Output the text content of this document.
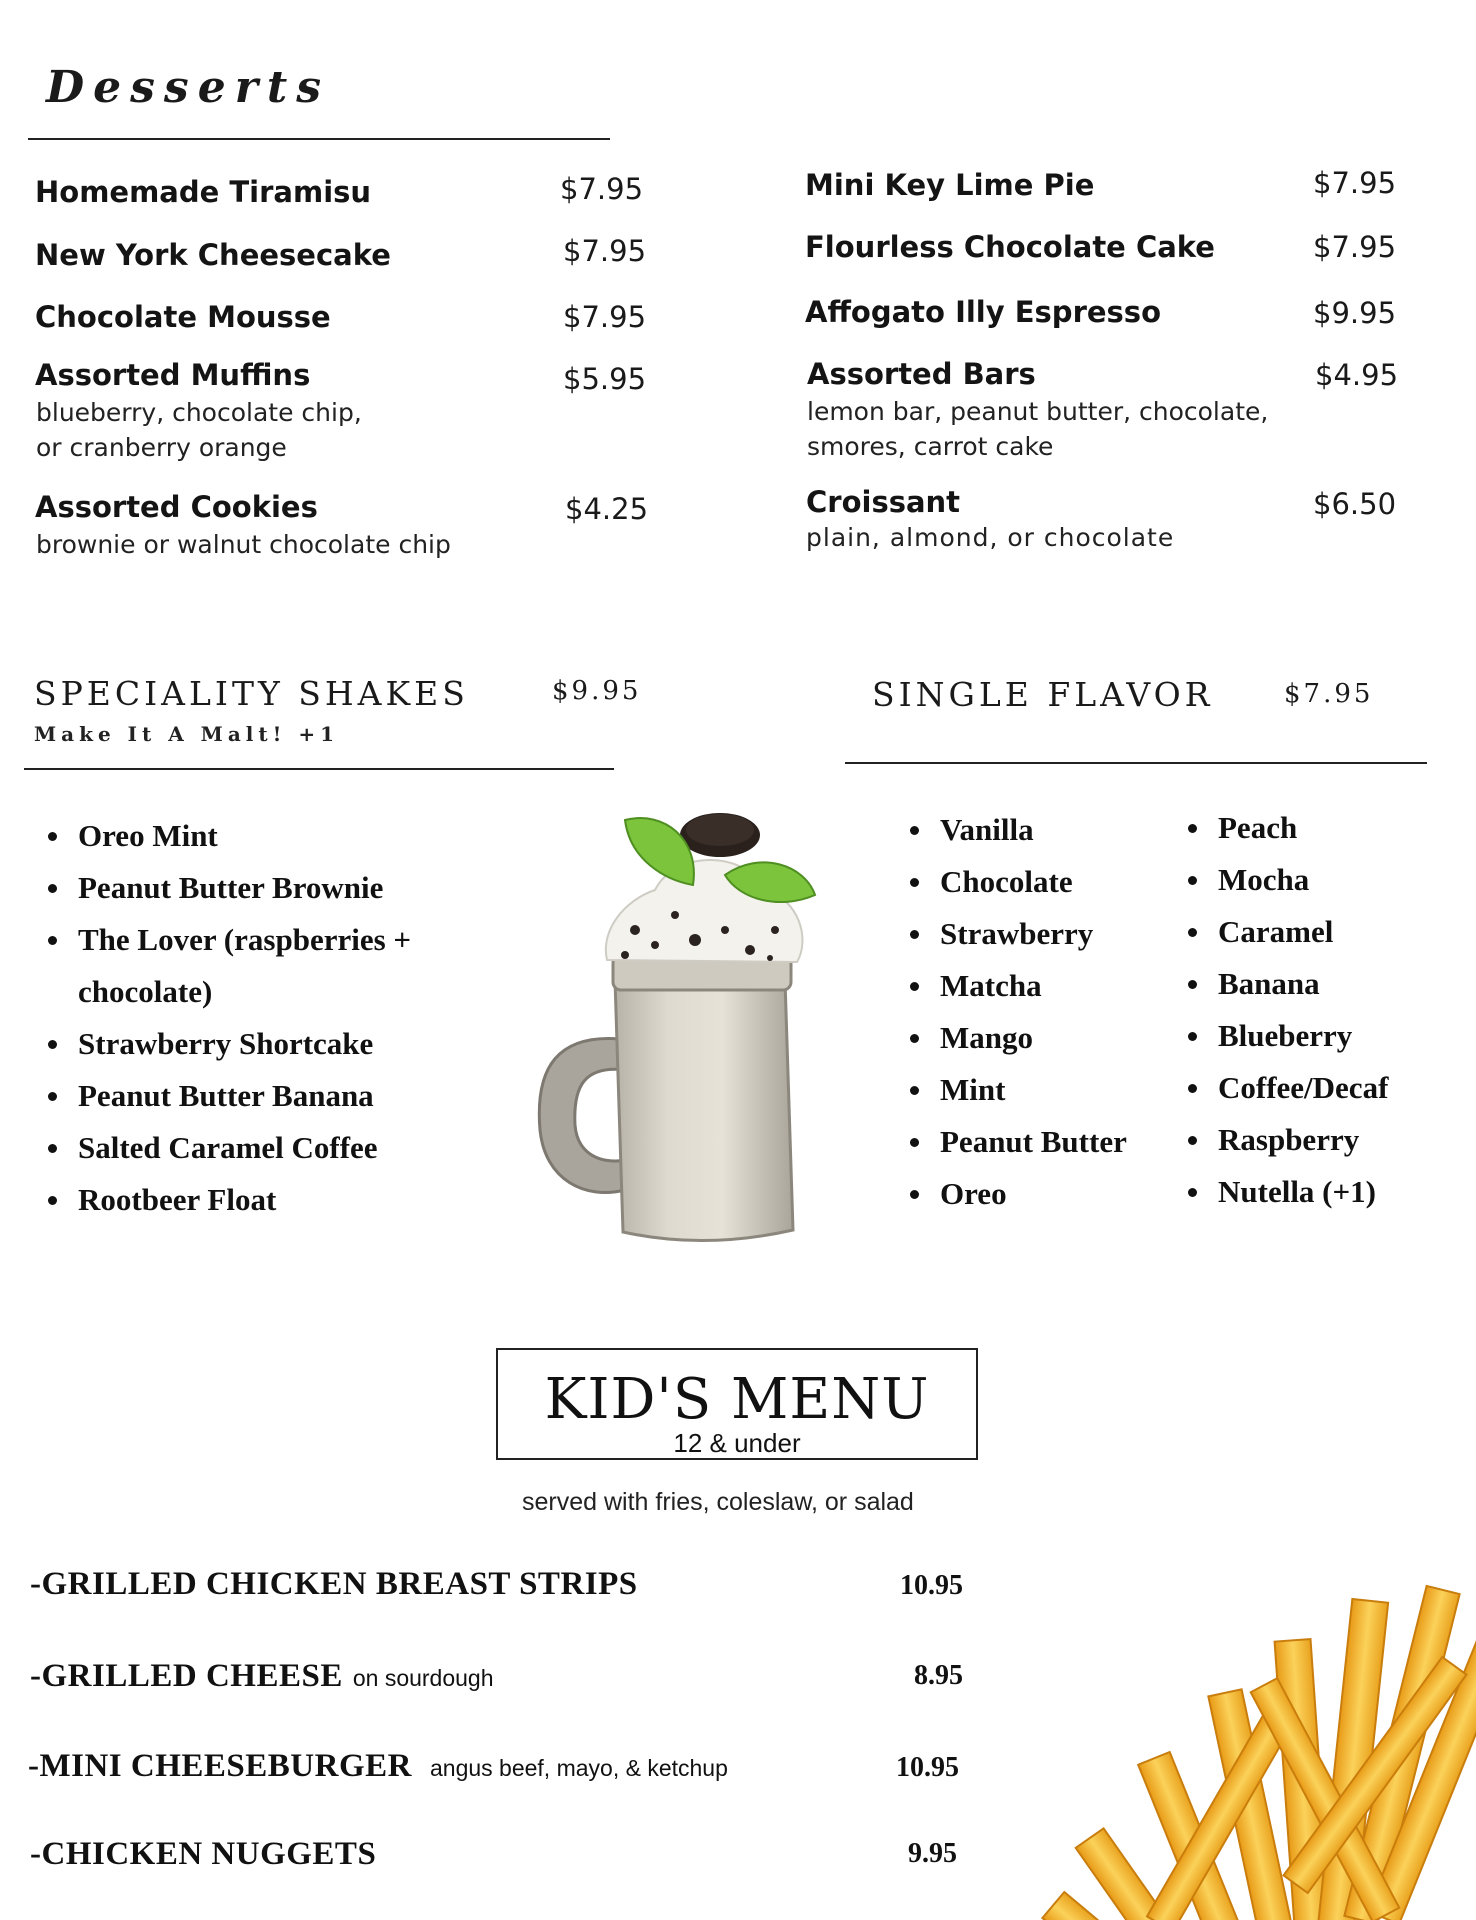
Desserts
Homemade Tiramisu	$7.95
New York Cheesecake	$7.95
Chocolate Mousse	$7.95
Assorted Muffins	$5.95
blueberry, chocolate chip,
or cranberry orange
Assorted Cookies	$4.25
brownie or walnut chocolate chip
Mini Key Lime Pie	$7.95
Flourless Chocolate Cake	$7.95
Affogato Illy Espresso	$9.95
Assorted Bars	$4.95
lemon bar, peanut butter, chocolate,
smores, carrot cake
Croissant	$6.50
plain, almond, or chocolate
SPECIALITY SHAKES	$9.95
Make It A Malt! +1
Oreo Mint
Peanut Butter Brownie
The Lover (raspberries +
chocolate)
Strawberry Shortcake
Peanut Butter Banana
Salted Caramel Coffee
Rootbeer Float
SINGLE FLAVOR	$7.95
Vanilla
Chocolate
Strawberry
Matcha
Mango
Mint
Peanut Butter
Oreo
Peach
Mocha
Caramel
Banana
Blueberry
Coffee/Decaf
Raspberry
Nutella (+1)
KID'S MENU
12 & under
served with fries, coleslaw, or salad
-GRILLED CHICKEN BREAST STRIPS	10.95
-GRILLED CHEESE on sourdough	8.95
-MINI CHEESEBURGER angus beef, mayo, & ketchup	10.95
-CHICKEN NUGGETS	9.95
